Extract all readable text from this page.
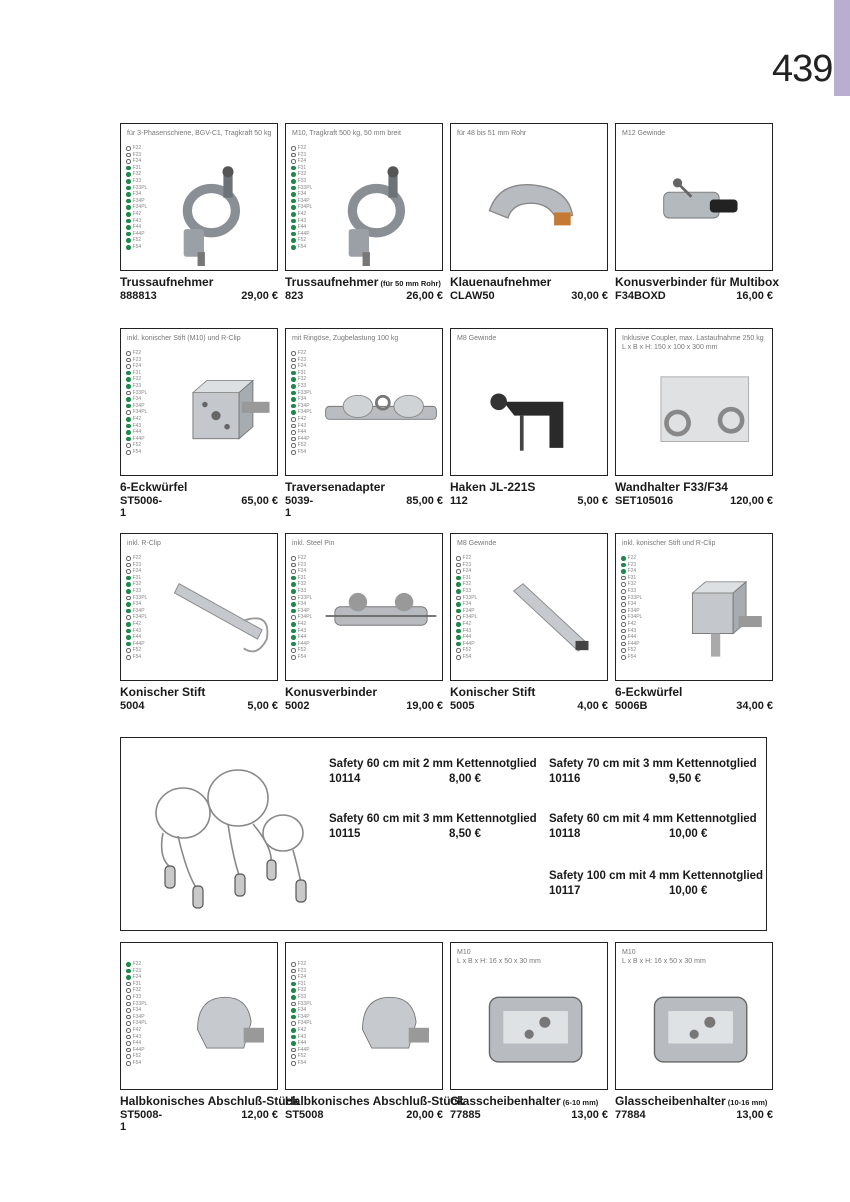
439
für 3-Phasenschiene, BGV-C1, Tragkraft 50 kg
F22
F23
F24
F31
F32
F33
F33PL
F34
F34P
F34PL
F42
F43
F44
F44P
F52
F54
Trussaufnehmer
888813	29,00 €
M10, Tragkraft 500 kg, 50 mm breit
F22
F23
F24
F31
F32
F33
F33PL
F34
F34P
F34PL
F42
F43
F44
F44P
F52
F54
Trussaufnehmer (für 50 mm Rohr)
823	26,00 €
für 48 bis 51 mm Rohr
Klauenaufnehmer
CLAW50	30,00 €
M12 Gewinde
Konusverbinder für Multibox
F34BOXD	16,00 €
inkl. konischer Stift (M10) und R-Clip
F22
F23
F24
F31
F32
F33
F33PL
F34
F34P
F34PL
F42
F43
F44
F44P
F52
F54
6-Eckwürfel
ST5006-1
65,00 €
mit Ringöse, Zugbelastung 100 kg
F22
F23
F24
F31
F32
F33
F33PL
F34
F34P
F34PL
F42
F43
F44
F44P
F52
F54
Traversenadapter
5039-1
85,00 €
M8 Gewinde
Haken JL-221S
112	5,00 €
Inklusive Coupler, max. Lastaufnahme 250 kg
L x B x H: 150 x 100 x 300 mm
Wandhalter F33/F34
SET105016	120,00 €
inkl. R-Clip
F22
F23
F24
F31
F32
F33
F33PL
F34
F34P
F34PL
F42
F43
F44
F44P
F52
F54
Konischer Stift
5004	5,00 €
inkl. Steel Pin
F22
F23
F24
F31
F32
F33
F33PL
F34
F34P
F34PL
F42
F43
F44
F44P
F52
F54
Konusverbinder
5002	19,00 €
M8 Gewinde
F22
F23
F24
F31
F32
F33
F33PL
F34
F34P
F34PL
F42
F43
F44
F44P
F52
F54
Konischer Stift
5005	4,00 €
inkl. konischer Stift und R-Clip
F22
F23
F24
F31
F32
F33
F33PL
F34
F34P
F34PL
F42
F43
F44
F44P
F52
F54
6-Eckwürfel
5006B	34,00 €
F22
F23
F24
F31
F32
F33
F33PL
F34
F34P
F34PL
F42
F43
F44
F44P
F52
F54
Halbkonisches Abschluß-Stück
ST5008-1
12,00 €
F22
F23
F24
F31
F32
F33
F33PL
F34
F34P
F34PL
F42
F43
F44
F44P
F52
F54
Halbkonisches Abschluß-Stück
ST5008	20,00 €
M10
L x B x H: 16 x 50 x 30 mm
Glasscheibenhalter (6-10 mm)
77885	13,00 €
M10
L x B x H: 16 x 50 x 30 mm
Glasscheibenhalter (10-16 mm)
77884	13,00 €
Safety 60 cm mit 2 mm Kettennotglied
10114	8,00 €
Safety 70 cm mit 3 mm Kettennotglied
10116	9,50 €
Safety 60 cm mit 3 mm Kettennotglied
10115	8,50 €
Safety 60 cm mit 4 mm Kettennotglied
10118	10,00 €
Safety 100 cm mit 4 mm Kettennotglied
10117	10,00 €
